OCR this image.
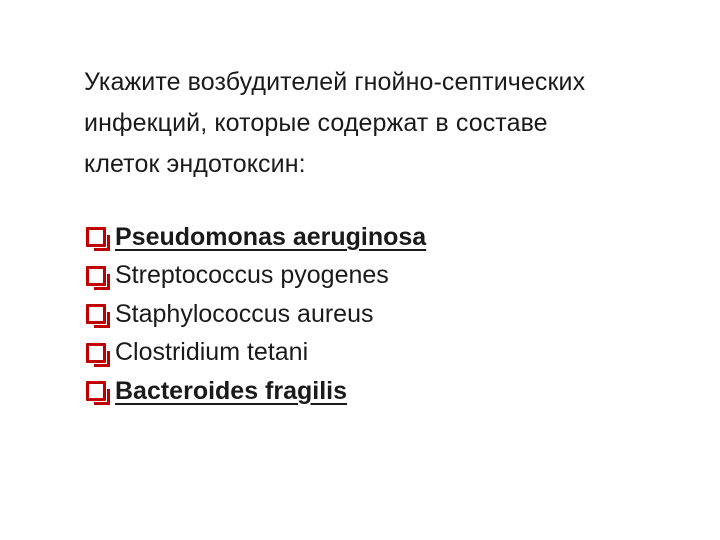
Укажите возбудителей гнойно-септических
инфекций, которые содержат в составе
клеток эндотоксин:
Pseudomonas aeruginosa
Streptococcus pyogenes
Staphylococcus aureus
Clostridium tetani
Bacteroides fragilis
